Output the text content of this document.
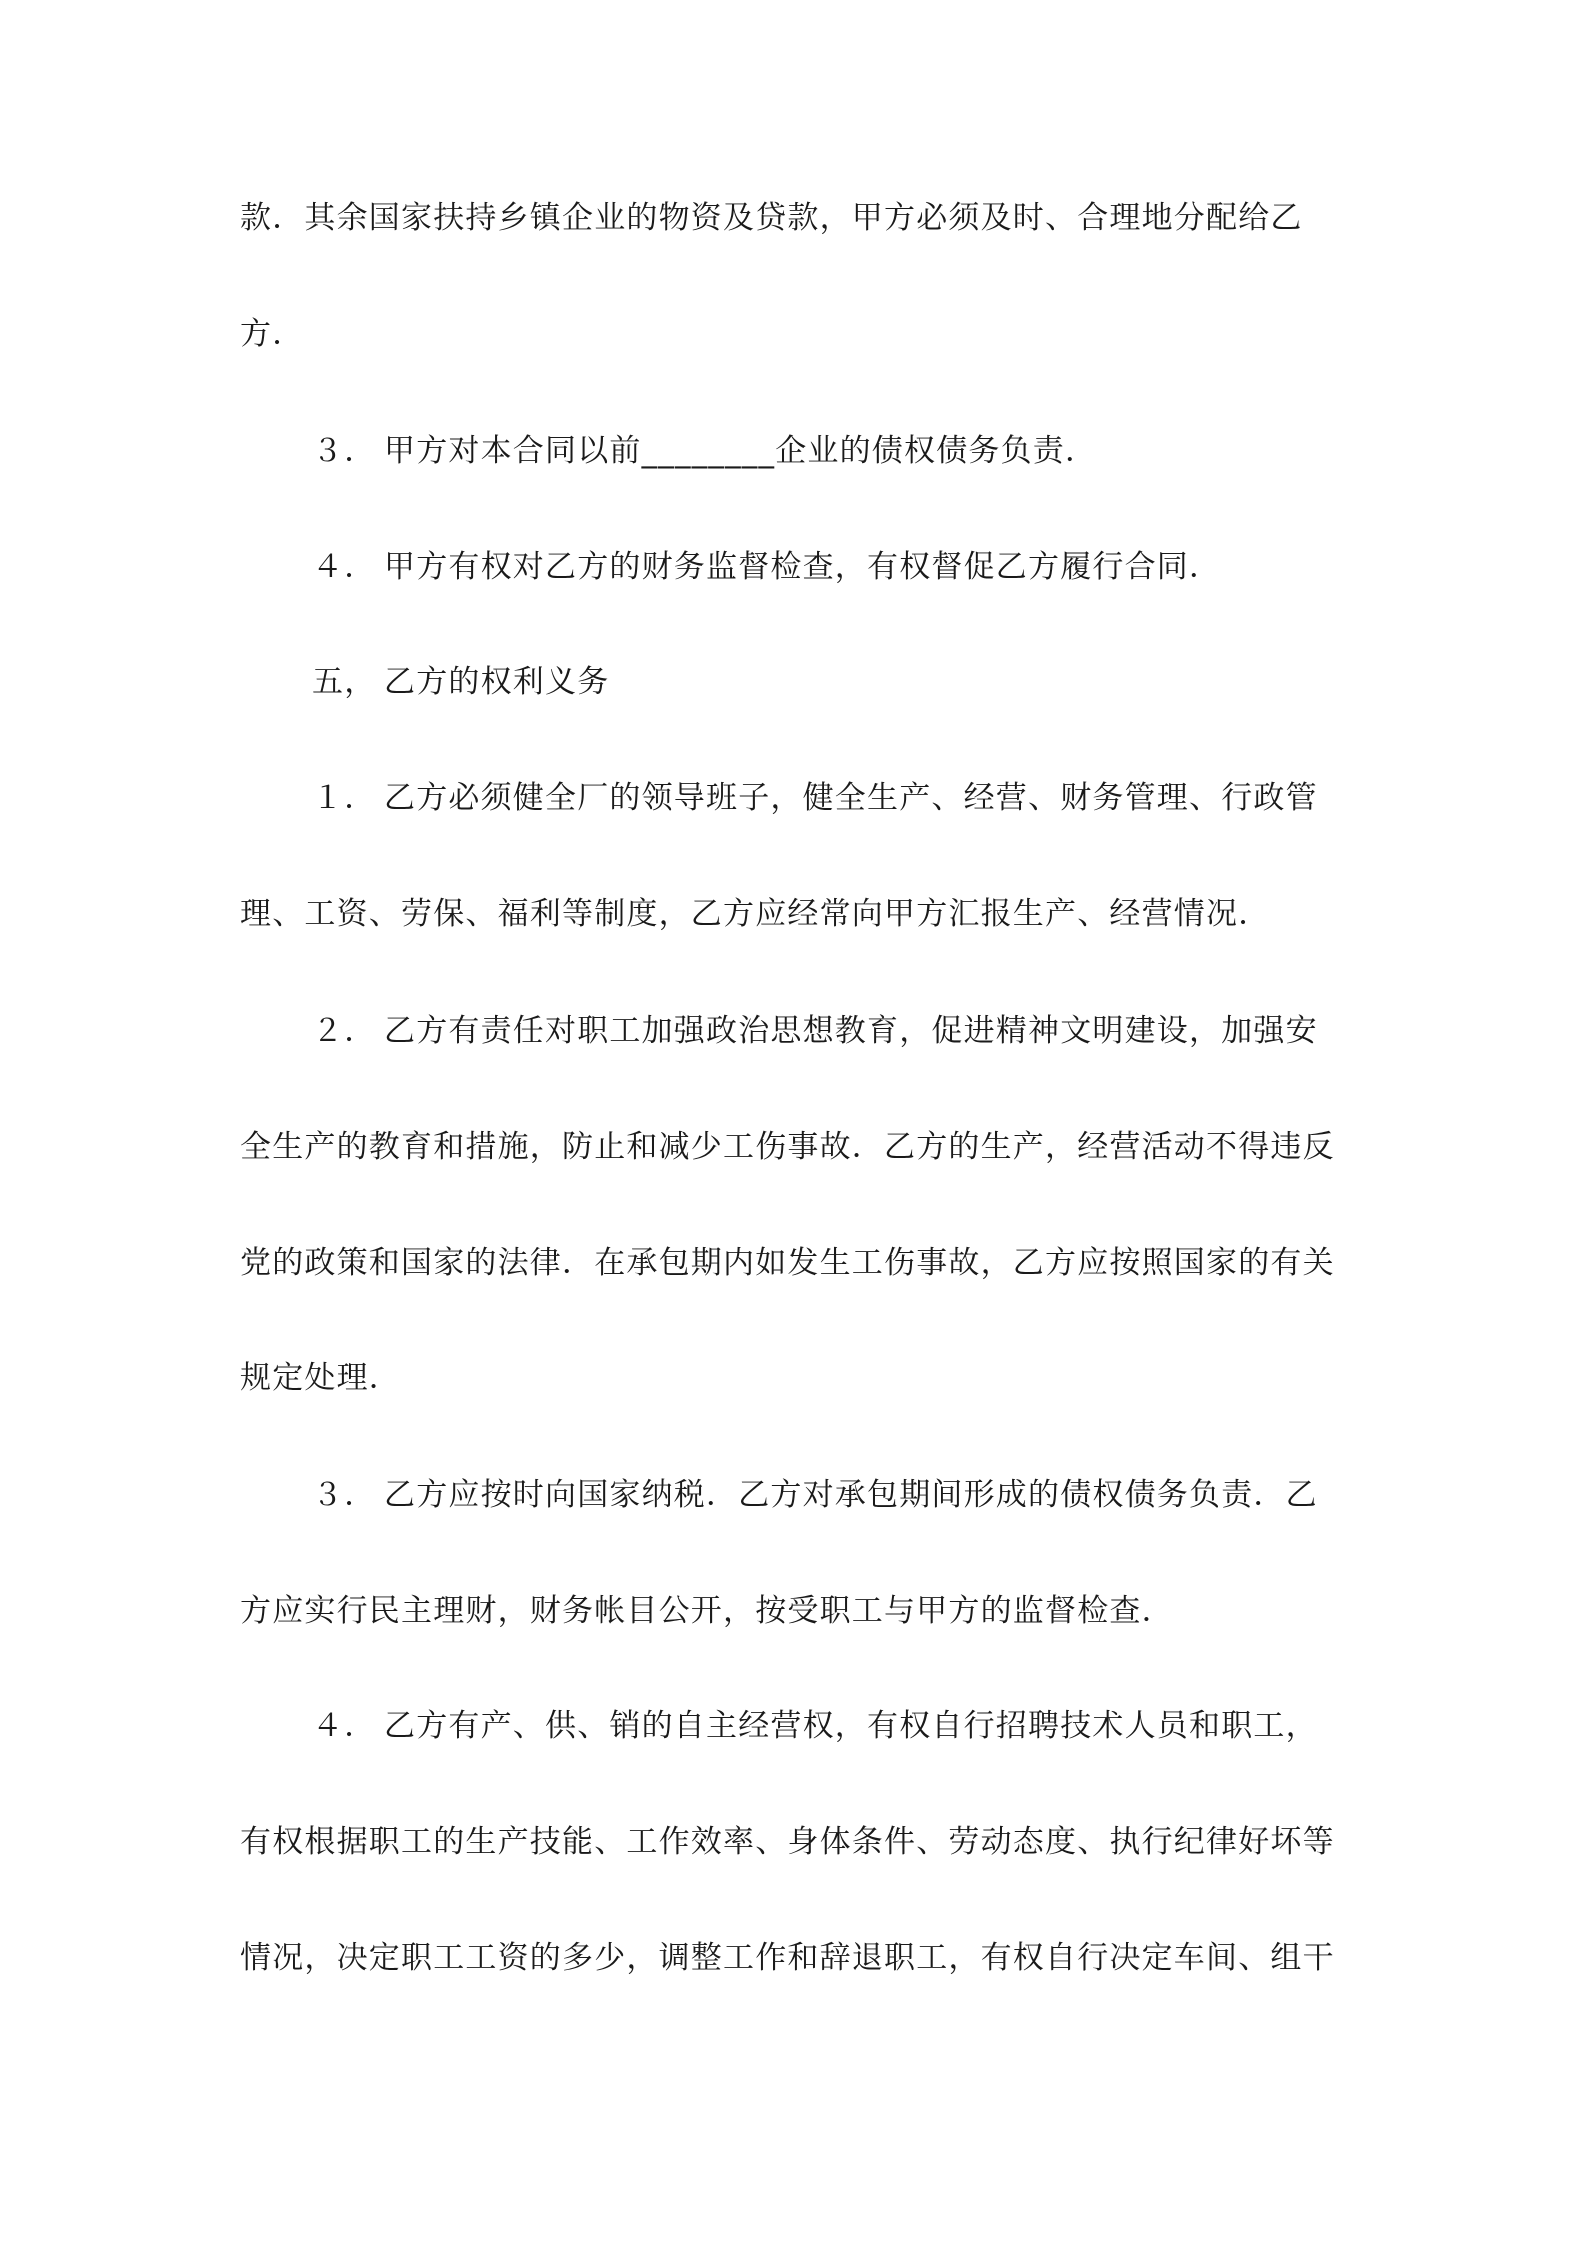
款．其余国家扶持乡镇企业的物资及贷款，甲方必须及时、合理地分配给乙
方．
３． 甲方对本合同以前________企业的债权债务负责．
４． 甲方有权对乙方的财务监督检查，有权督促乙方履行合同．
五， 乙方的权利义务
１． 乙方必须健全厂的领导班子，健全生产、经营、财务管理、行政管
理、工资、劳保、福利等制度，乙方应经常向甲方汇报生产、经营情况．
２． 乙方有责任对职工加强政治思想教育，促进精神文明建设，加强安
全生产的教育和措施，防止和减少工伤事故．乙方的生产，经营活动不得违反
党的政策和国家的法律．在承包期内如发生工伤事故，乙方应按照国家的有关
规定处理．
３． 乙方应按时向国家纳税．乙方对承包期间形成的债权债务负责．乙
方应实行民主理财，财务帐目公开，按受职工与甲方的监督检查．
４． 乙方有产、供、销的自主经营权，有权自行招聘技术人员和职工，
有权根据职工的生产技能、工作效率、身体条件、劳动态度、执行纪律好坏等
情况，决定职工工资的多少，调整工作和辞退职工，有权自行决定车间、组干
